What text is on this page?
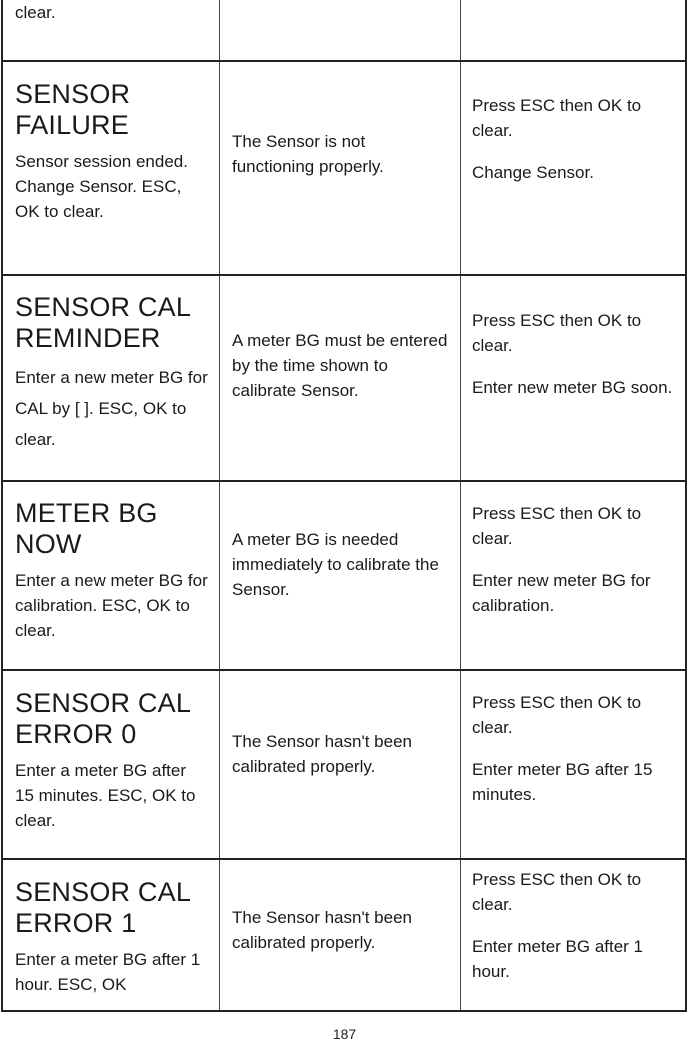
clear.

SENSOR FAILURE

Sensor session ended. Change Sensor. ESC, OK to clear.

The Sensor is not functioning properly.

Press ESC then OK to clear.

Change Sensor.

SENSOR CAL REMINDER

Enter a new meter BG for CAL by [ ]. ESC, OK to clear.

A meter BG must be entered by the time shown to calibrate Sensor.

Press ESC then OK to clear.

Enter new meter BG soon.

METER BG NOW

Enter a new meter BG for calibration. ESC, OK to clear.

A meter BG is needed immediately to calibrate the Sensor.

Press ESC then OK to clear.

Enter new meter BG for calibration.

SENSOR CAL ERROR 0

Enter a meter BG after 15 minutes. ESC, OK to clear.

The Sensor hasn't been calibrated properly.

Press ESC then OK to clear.

Enter meter BG after 15 minutes.

SENSOR CAL ERROR 1

Enter a meter BG after 1 hour. ESC, OK

The Sensor hasn't been calibrated properly.

Press ESC then OK to clear.

Enter meter BG after 1 hour.

187
